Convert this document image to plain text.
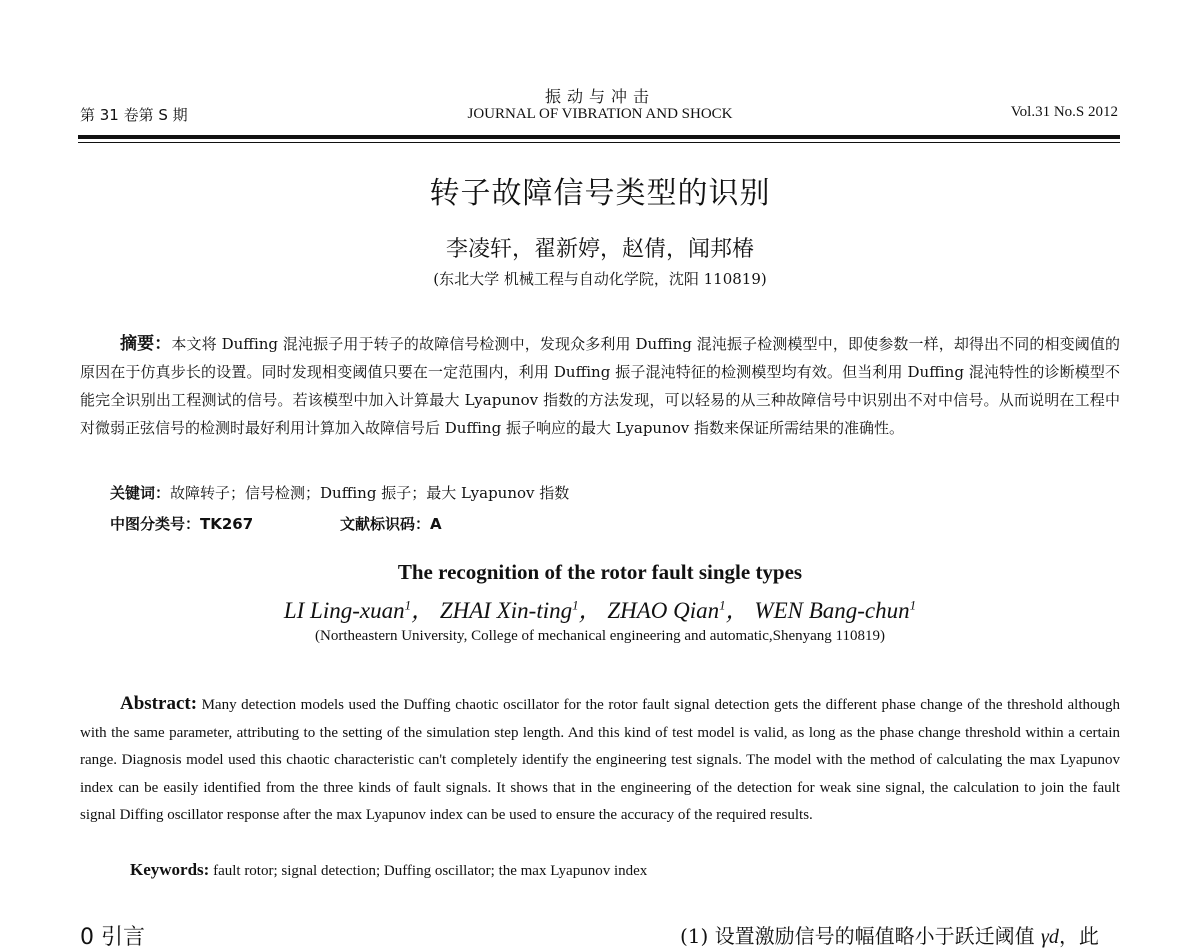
第 31 卷第 S 期
振动与冲击
JOURNAL OF VIBRATION AND SHOCK	Vol.31 No.S 2012
转子故障信号类型的识别
李凌轩，翟新婷，赵倩，闻邦椿
(东北大学 机械工程与自动化学院，沈阳 110819)

摘要：本文将 Duffing 混沌振子用于转子的故障信号检测中，发现众多利用 Duffing 混沌振子检测模型中，即使参数一样，却得出不同的相变阈值的原因在于仿真步长的设置。同时发现相变阈值只要在一定范围内，利用 Duffing 振子混沌特征的检测模型均有效。但当利用 Duffing 混沌特性的诊断模型不能完全识别出工程测试的信号。若该模型中加入计算最大 Lyapunov 指数的方法发现，可以轻易的从三种故障信号中识别出不对中信号。从而说明在工程中对微弱正弦信号的检测时最好利用计算加入故障信号后 Duffing 振子响应的最大 Lyapunov 指数来保证所需结果的准确性。

关键词：故障转子；信号检测；Duffing 振子；最大 Lyapunov 指数
中图分类号：TK267	文献标识码：A
The recognition of the rotor fault single types
LI Ling-xuan$^1$， ZHAI Xin-ting$^1$， ZHAO Qian$^1$， WEN Bang-chun$^1$
(Northeastern University, College of mechanical engineering and automatic,Shenyang 110819)

Abstract: Many detection models used the Duffing chaotic oscillator for the rotor fault signal detection gets the different phase change of the threshold although with the same parameter, attributing to the setting of the simulation step length. And this kind of test model is valid, as long as the phase change threshold within a certain range. Diagnosis model used this chaotic characteristic can't completely identify the engineering test signals. The model with the method of calculating the max Lyapunov index can be easily identified from the three kinds of fault signals. It shows that in the engineering of the detection for weak sine signal, the calculation to join the fault signal Diffing oscillator response after the max Lyapunov index can be used to ensure the accuracy of the required results.

Keywords: fault rotor; signal detection; Duffing oscillator; the max Lyapunov index
0 引言	(1) 设置激励信号的幅值略小于跃迁阈值 γd，此
